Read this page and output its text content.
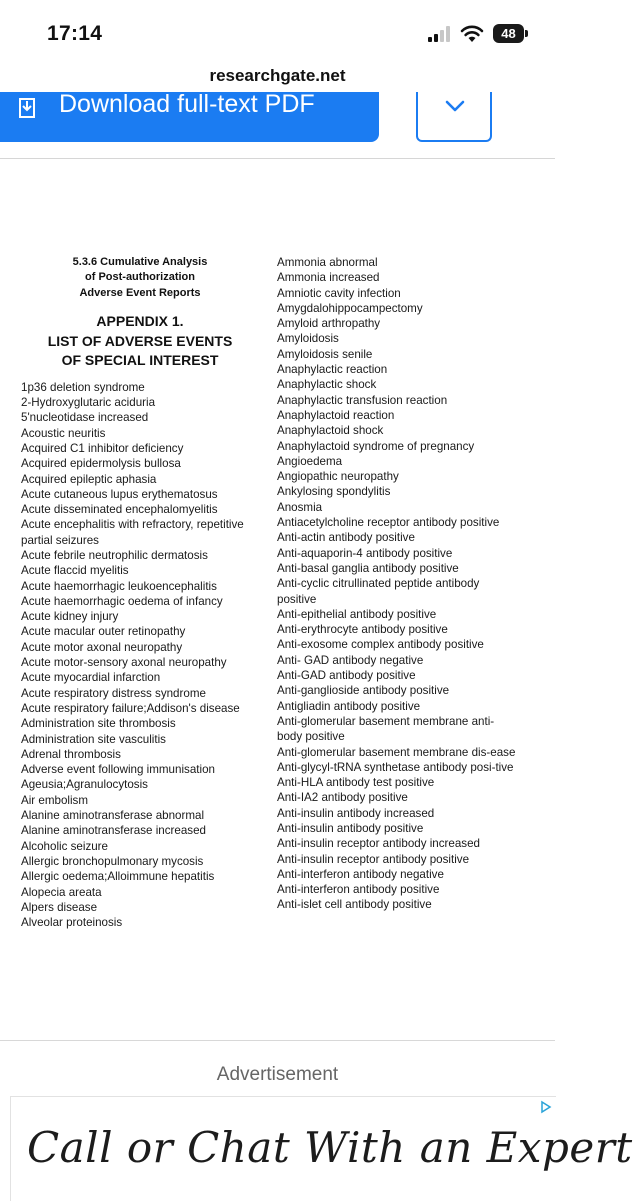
17:14	48
researchgate.net
Download full-text PDF
5.3.6 Cumulative Analysis
of Post-authorization
Adverse Event Reports
APPENDIX 1.
LIST OF ADVERSE EVENTS
OF SPECIAL INTEREST
1p36 deletion syndrome
2-Hydroxyglutaric aciduria
5'nucleotidase increased
Acoustic neuritis
Acquired C1 inhibitor deficiency
Acquired epidermolysis bullosa
Acquired epileptic aphasia
Acute cutaneous lupus erythematosus
Acute disseminated encephalomyelitis
Acute encephalitis with refractory, repetitive partial seizures
Acute febrile neutrophilic dermatosis
Acute flaccid myelitis
Acute haemorrhagic leukoencephalitis
Acute haemorrhagic oedema of infancy
Acute kidney injury
Acute macular outer retinopathy
Acute motor axonal neuropathy
Acute motor-sensory axonal neuropathy
Acute myocardial infarction
Acute respiratory distress syndrome
Acute respiratory failure;Addison's disease
Administration site thrombosis
Administration site vasculitis
Adrenal thrombosis
Adverse event following immunisation
Ageusia;Agranulocytosis
Air embolism
Alanine aminotransferase abnormal
Alanine aminotransferase increased
Alcoholic seizure
Allergic bronchopulmonary mycosis
Allergic oedema;Alloimmune hepatitis
Alopecia areata
Alpers disease
Alveolar proteinosis
Ammonia abnormal
Ammonia increased
Amniotic cavity infection
Amygdalohippocampectomy
Amyloid arthropathy
Amyloidosis
Amyloidosis senile
Anaphylactic reaction
Anaphylactic shock
Anaphylactic transfusion reaction
Anaphylactoid reaction
Anaphylactoid shock
Anaphylactoid syndrome of pregnancy
Angioedema
Angiopathic neuropathy
Ankylosing spondylitis
Anosmia
Antiacetylcholine receptor antibody positive
Anti-actin antibody positive
Anti-aquaporin-4 antibody positive
Anti-basal ganglia antibody positive
Anti-cyclic citrullinated peptide antibody positive
Anti-epithelial antibody positive
Anti-erythrocyte antibody positive
Anti-exosome complex antibody positive
Anti- GAD antibody negative
Anti-GAD antibody positive
Anti-ganglioside antibody positive
Antigliadin antibody positive
Anti-glomerular basement membrane anti-body positive
Anti-glomerular basement membrane dis-ease
Anti-glycyl-tRNA synthetase antibody posi-tive
Anti-HLA antibody test positive
Anti-IA2 antibody positive
Anti-insulin antibody increased
Anti-insulin antibody positive
Anti-insulin receptor antibody increased
Anti-insulin receptor antibody positive
Anti-interferon antibody negative
Anti-interferon antibody positive
Anti-islet cell antibody positive
Advertisement
Call or Chat With an Expert
